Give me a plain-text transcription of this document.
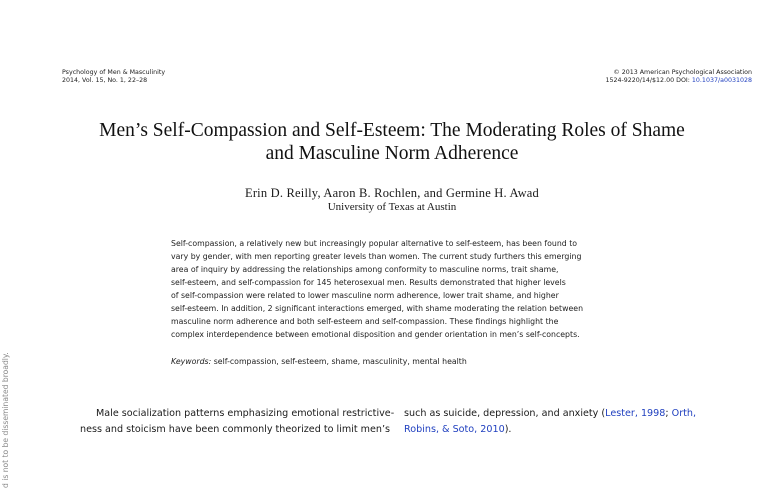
Psychology of Men & Masculinity
2014, Vol. 15, No. 1, 22–28
© 2013 American Psychological Association
1524-9220/14/$12.00 DOI: 10.1037/a0031028
Men’s Self-Compassion and Self-Esteem: The Moderating Roles of Shame
and Masculine Norm Adherence
Erin D. Reilly, Aaron B. Rochlen, and Germine H. Awad
University of Texas at Austin
Self-compassion, a relatively new but increasingly popular alternative to self-esteem, has been found to
vary by gender, with men reporting greater levels than women. The current study furthers this emerging
area of inquiry by addressing the relationships among conformity to masculine norms, trait shame,
self-esteem, and self-compassion for 145 heterosexual men. Results demonstrated that higher levels
of self-compassion were related to lower masculine norm adherence, lower trait shame, and higher
self-esteem. In addition, 2 significant interactions emerged, with shame moderating the relation between
masculine norm adherence and both self-esteem and self-compassion. These findings highlight the
complex interdependence between emotional disposition and gender orientation in men’s self-concepts.
Keywords: self-compassion, self-esteem, shame, masculinity, mental health
Male socialization patterns emphasizing emotional restrictive-
ness and stoicism have been commonly theorized to limit men’s
such as suicide, depression, and anxiety (Lester, 1998; Orth,
Robins, & Soto, 2010).
d is not to be disseminated broadly.
